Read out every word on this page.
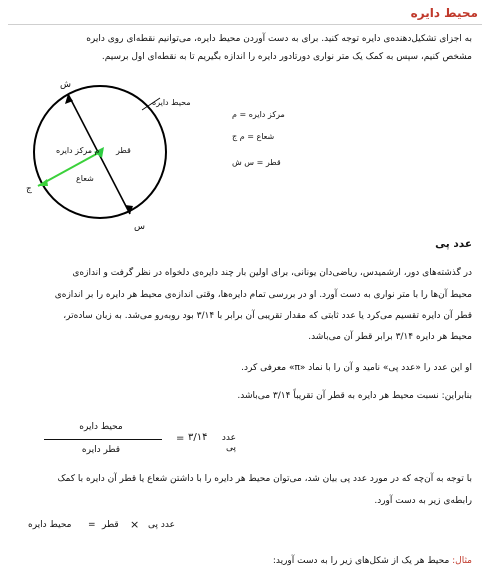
محیط دایره
به اجزای تشکیل‌دهنده‌ی دایره توجه کنید. برای به دست آوردن محیط دایره، می‌توانیم نقطه‌ای روی دایره
مشخص کنیم، سپس به کمک یک متر نواری دورتادور دایره را اندازه بگیریم تا به نقطه‌ای اول برسیم.
ش
محیط دایره
م مرکز دایره قطر
شعاع
ج
س
مرکز دایره = م
شعاع = م ج
قطر = س ش
عدد پی
در گذشته‌های دور، ارشمیدس، ریاضی‌دان یونانی، برای اولین بار چند دایره‌ی دلخواه در نظر گرفت و اندازه‌ی
محیط آن‌ها را با متر نواری به دست آورد. او در بررسی تمام دایره‌ها، وقتی اندازه‌ی محیط هر دایره را بر اندازه‌ی
قطر آن دایره تقسیم می‌کرد یا عدد ثابتی که مقدار تقریبی آن برابر با ۳/۱۴ بود روبه‌رو می‌شد. به زبان ساده‌تر،
محیط هر دایره ۳/۱۴ برابر قطر آن می‌باشد.
او این عدد را «عدد پی» نامید و آن را با نماد «π» معرفی کرد.
بنابراین: نسبت محیط هر دایره به قطر آن تقریباً ۳/۱۴ می‌باشد.
محیط دایره
قطر دایره
= ۳/۱۴	عدد پی
با توجه به آن‌چه که در مورد عدد پی بیان شد، می‌توان محیط هر دایره را با داشتن شعاع یا قطر آن دایره با کمک
رابطه‌ی زیر به دست آورد.
عدد پی
×
قطر
=
محیط دایره
مثال: محیط هر یک از شکل‌های زیر را به دست آورید:
